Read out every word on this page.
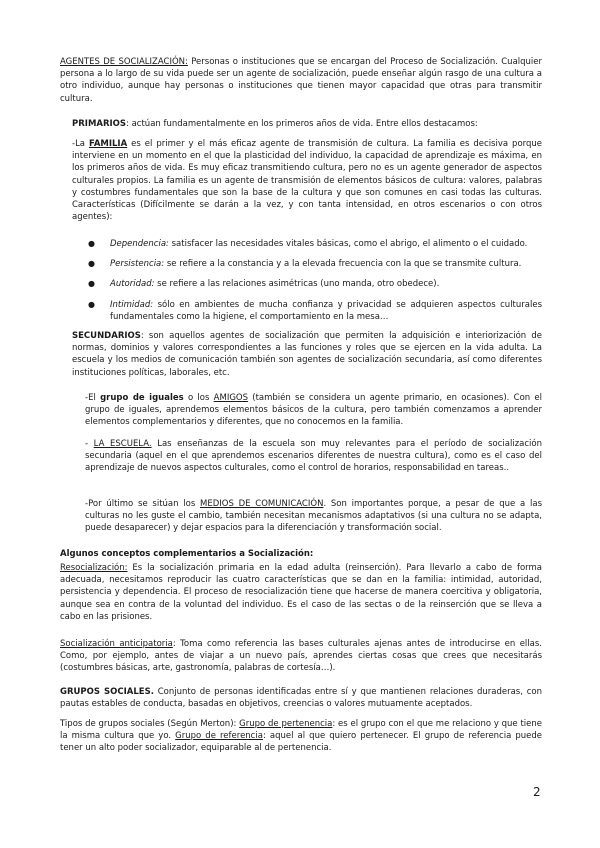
AGENTES DE SOCIALIZACIÓN: Personas o instituciones que se encargan del Proceso de Socialización. Cualquier persona a lo largo de su vida puede ser un agente de socialización, puede enseñar algún rasgo de una cultura a otro individuo, aunque hay personas o instituciones que tienen mayor capacidad que otras para transmitir cultura.

PRIMARIOS: actúan fundamentalmente en los primeros años de vida. Entre ellos destacamos:

-La FAMILIA es el primer y el más eficaz agente de transmisión de cultura. La familia es decisiva porque interviene en un momento en el que la plasticidad del individuo, la capacidad de aprendizaje es máxima, en los primeros años de vida. Es muy eficaz transmitiendo cultura, pero no es un agente generador de aspectos culturales propios. La familia es un agente de transmisión de elementos básicos de cultura: valores, palabras y costumbres fundamentales que son la base de la cultura y que son comunes en casi todas las culturas. Características (Difícilmente se darán a la vez, y con tanta intensidad, en otros escenarios o con otros agentes):

● Dependencia: satisfacer las necesidades vitales básicas, como el abrigo, el alimento o el cuidado.
● Persistencia: se refiere a la constancia y a la elevada frecuencia con la que se transmite cultura.
● Autoridad: se refiere a las relaciones asimétricas (uno manda, otro obedece).
● Intimidad: sólo en ambientes de mucha confianza y privacidad se adquieren aspectos culturales fundamentales como la higiene, el comportamiento en la mesa…

SECUNDARIOS: son aquellos agentes de socialización que permiten la adquisición e interiorización de normas, dominios y valores correspondientes a las funciones y roles que se ejercen en la vida adulta. La escuela y los medios de comunicación también son agentes de socialización secundaria, así como diferentes instituciones políticas, laborales, etc.

-El grupo de iguales o los AMIGOS (también se considera un agente primario, en ocasiones). Con el grupo de iguales, aprendemos elementos básicos de la cultura, pero también comenzamos a aprender elementos complementarios y diferentes, que no conocemos en la familia.

- LA ESCUELA. Las enseñanzas de la escuela son muy relevantes para el período de socialización secundaria (aquel en el que aprendemos escenarios diferentes de nuestra cultura), como es el caso del aprendizaje de nuevos aspectos culturales, como el control de horarios, responsabilidad en tareas..

-Por último se sitúan los MEDIOS DE COMUNICACIÓN. Son importantes porque, a pesar de que a las culturas no les guste el cambio, también necesitan mecanismos adaptativos (si una cultura no se adapta, puede desaparecer) y dejar espacios para la diferenciación y transformación social.

Algunos conceptos complementarios a Socialización:

Resocialización: Es la socialización primaria en la edad adulta (reinserción). Para llevarlo a cabo de forma adecuada, necesitamos reproducir las cuatro características que se dan en la familia: intimidad, autoridad, persistencia y dependencia. El proceso de resocialización tiene que hacerse de manera coercitiva y obligatoria, aunque sea en contra de la voluntad del individuo. Es el caso de las sectas o de la reinserción que se lleva a cabo en las prisiones.

Socialización anticipatoria: Toma como referencia las bases culturales ajenas antes de introducirse en ellas. Como, por ejemplo, antes de viajar a un nuevo país, aprendes ciertas cosas que crees que necesitarás (costumbres básicas, arte, gastronomía, palabras de cortesía…).

GRUPOS SOCIALES. Conjunto de personas identificadas entre sí y que mantienen relaciones duraderas, con pautas estables de conducta, basadas en objetivos, creencias o valores mutuamente aceptados.

Tipos de grupos sociales (Según Merton): Grupo de pertenencia: es el grupo con el que me relaciono y que tiene la misma cultura que yo. Grupo de referencia: aquel al que quiero pertenecer. El grupo de referencia puede tener un alto poder socializador, equiparable al de pertenencia.

2
